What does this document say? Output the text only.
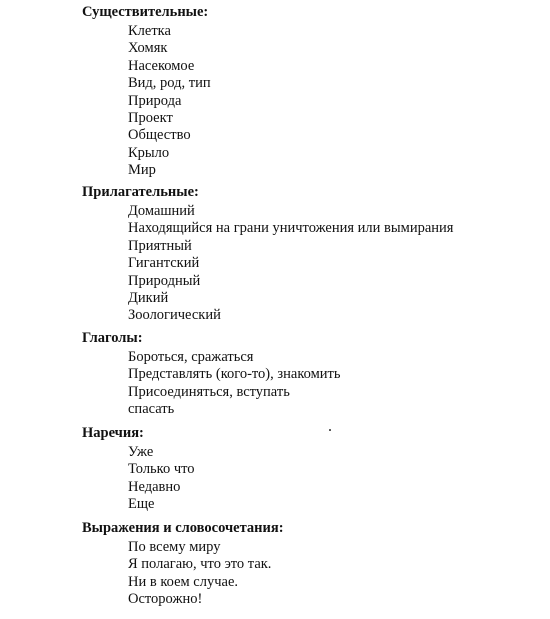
Существительные:
Клетка
Хомяк
Насекомое
Вид, род, тип
Природа
Проект
Общество
Крыло
Мир
Прилагательные:
Домашний
Находящийся на грани уничтожения или вымирания
Приятный
Гигантский
Природный
Дикий
Зоологический
Глаголы:
Бороться, сражаться
Представлять (кого-то), знакомить
Присоединяться, вступать
спасать
Наречия:
Уже
Только что
Недавно
Еще
Выражения и словосочетания:
По всему миру
Я полагаю, что это так.
Ни в коем случае.
Осторожно!
